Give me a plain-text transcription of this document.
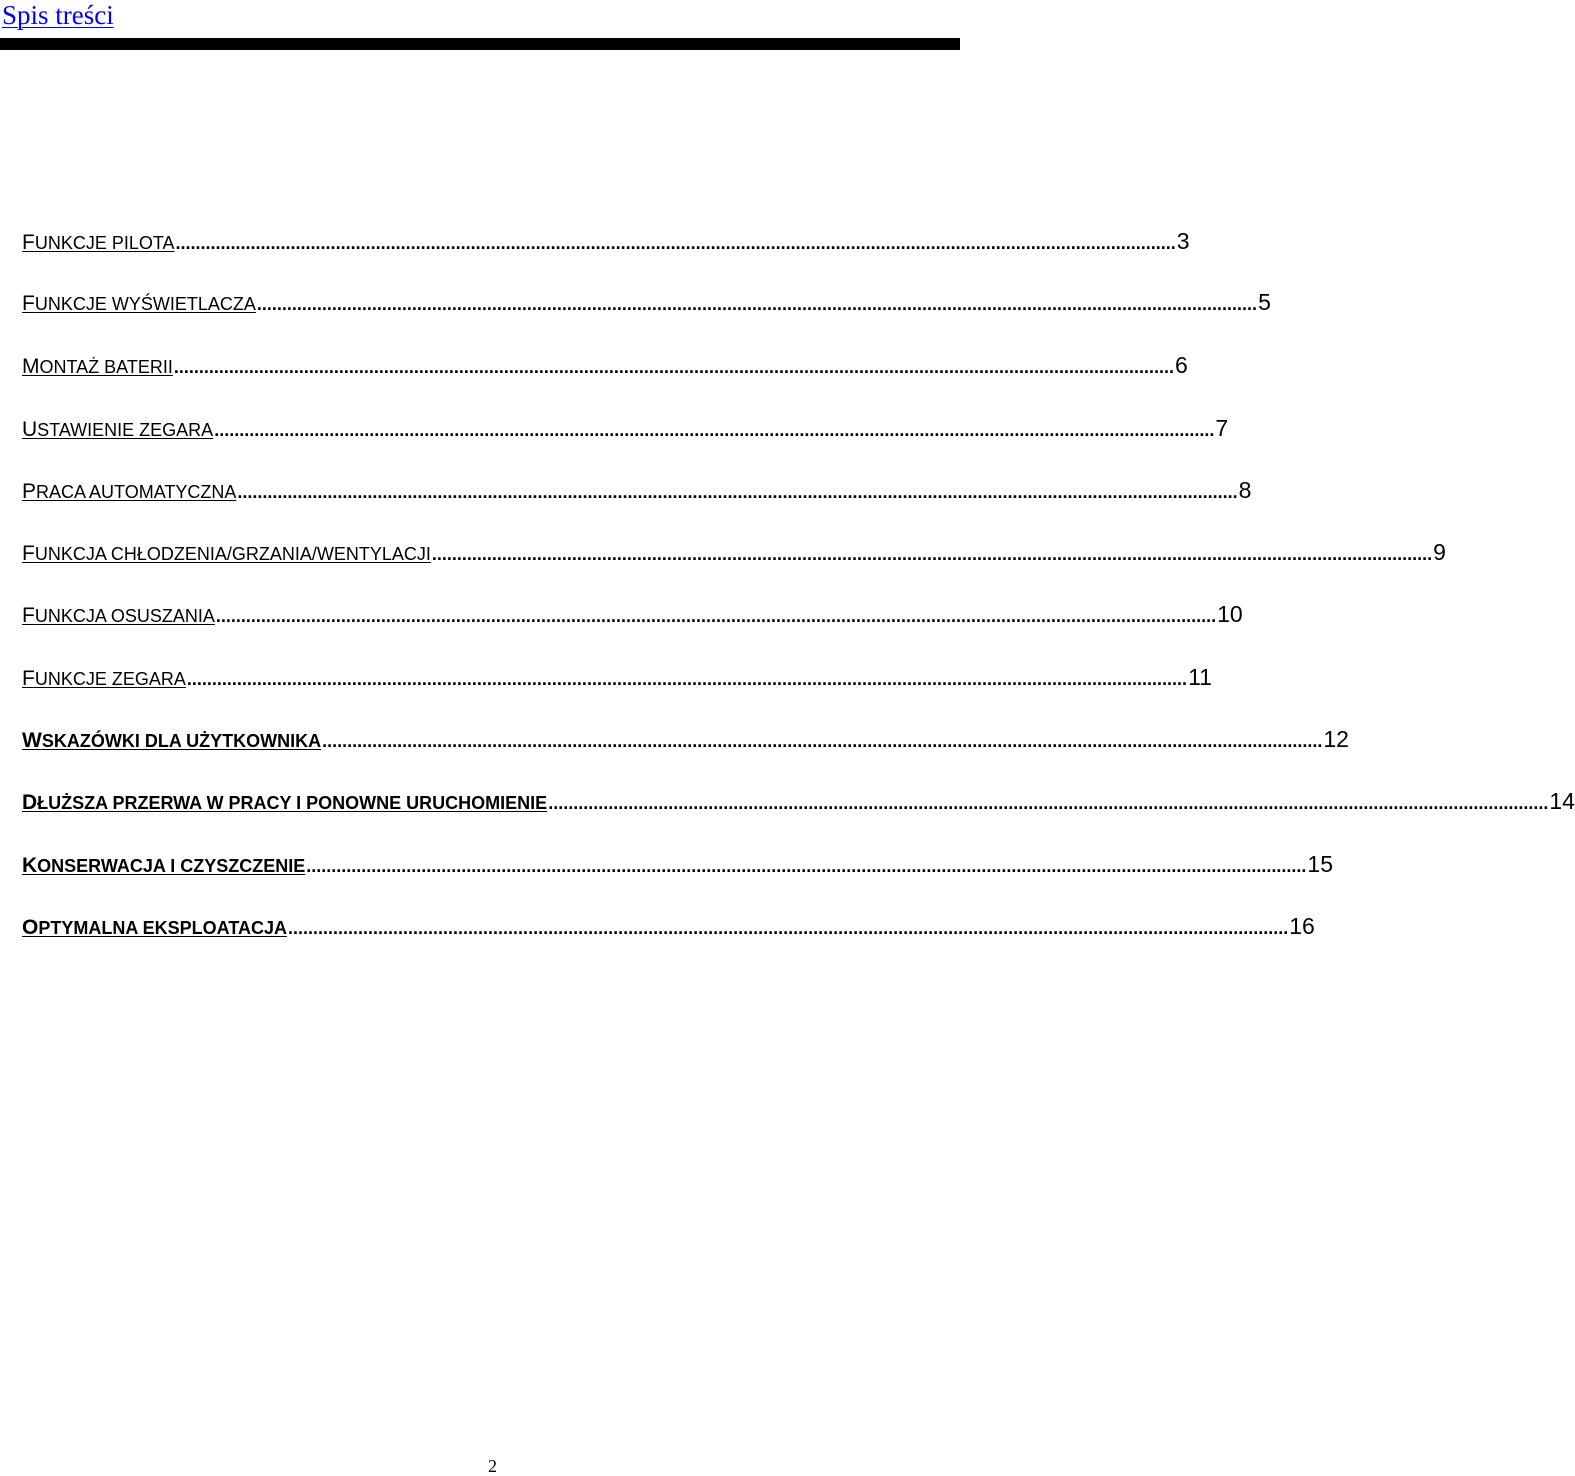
Spis treści
FUNKCJE PILOTA ........................................................................................................................................................................................................ 3
FUNKCJE WYŚWIETLACZA ........................................................................................................................................................................................................ 5
MONTAŻ BATERII ........................................................................................................................................................................................................ 6
USTAWIENIE ZEGARA ........................................................................................................................................................................................................ 7
PRACA AUTOMATYCZNA ........................................................................................................................................................................................................ 8
FUNKCJA CHŁODZENIA/GRZANIA/WENTYLACJI ........................................................................................................................................................................................................ 9
FUNKCJA OSUSZANIA ........................................................................................................................................................................................................ 10
FUNKCJE ZEGARA ........................................................................................................................................................................................................ 11
WSKAZÓWKI DLA UŻYTKOWNIKA ........................................................................................................................................................................................................ 12
DŁUŻSZA PRZERWA W PRACY I PONOWNE URUCHOMIENIE ........................................................................................................................................................................................................ 14
KONSERWACJA I CZYSZCZENIE ........................................................................................................................................................................................................ 15
OPTYMALNA EKSPLOATACJA ........................................................................................................................................................................................................ 16
2
